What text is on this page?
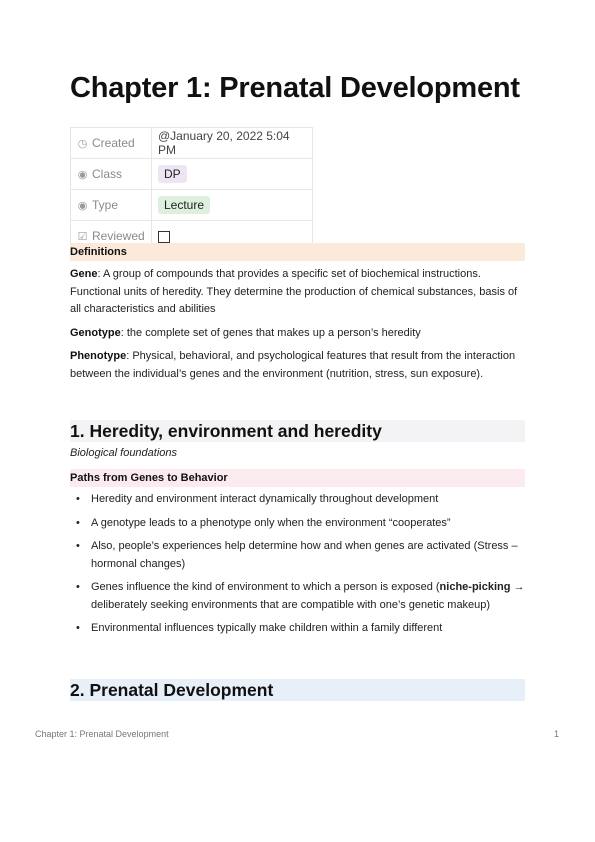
Chapter 1: Prenatal Development
◷ Created	@January 20, 2022 5:04 PM
◉ Class	DP
◉ Type	Lecture
☑ Reviewed	
Definitions

Gene: A group of compounds that provides a specific set of biochemical instructions. Functional units of heredity. They determine the production of chemical substances, basis of all characteristics and abilities

Genotype: the complete set of genes that makes up a person’s heredity

Phenotype: Physical, behavioral, and psychological features that result from the interaction between the individual’s genes and the environment (nutrition, stress, sun exposure).

1. Heredity, environment and heredity
Biological foundations
Paths from Genes to Behavior
• Heredity and environment interact dynamically throughout development
• A genotype leads to a phenotype only when the environment “cooperates”
• Also, people’s experiences help determine how and when genes are activated (Stress – hormonal changes)
• Genes influence the kind of environment to which a person is exposed (niche-picking → deliberately seeking environments that are compatible with one’s genetic makeup)
• Environmental influences typically make children within a family different
2. Prenatal Development
Chapter 1: Prenatal Development	1
